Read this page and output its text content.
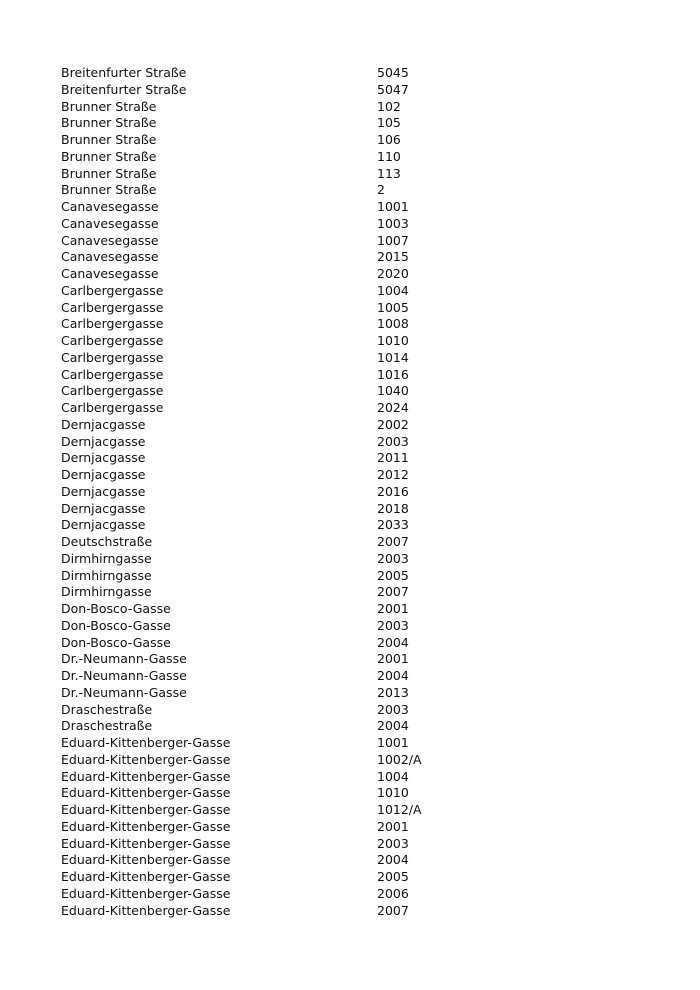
Breitenfurter Straße	5045
Breitenfurter Straße	5047
Brunner Straße	102
Brunner Straße	105
Brunner Straße	106
Brunner Straße	110
Brunner Straße	113
Brunner Straße	2
Canavesegasse	1001
Canavesegasse	1003
Canavesegasse	1007
Canavesegasse	2015
Canavesegasse	2020
Carlbergergasse	1004
Carlbergergasse	1005
Carlbergergasse	1008
Carlbergergasse	1010
Carlbergergasse	1014
Carlbergergasse	1016
Carlbergergasse	1040
Carlbergergasse	2024
Dernjacgasse	2002
Dernjacgasse	2003
Dernjacgasse	2011
Dernjacgasse	2012
Dernjacgasse	2016
Dernjacgasse	2018
Dernjacgasse	2033
Deutschstraße	2007
Dirmhirngasse	2003
Dirmhirngasse	2005
Dirmhirngasse	2007
Don-Bosco-Gasse	2001
Don-Bosco-Gasse	2003
Don-Bosco-Gasse	2004
Dr.-Neumann-Gasse	2001
Dr.-Neumann-Gasse	2004
Dr.-Neumann-Gasse	2013
Draschestraße	2003
Draschestraße	2004
Eduard-Kittenberger-Gasse	1001
Eduard-Kittenberger-Gasse	1002/A
Eduard-Kittenberger-Gasse	1004
Eduard-Kittenberger-Gasse	1010
Eduard-Kittenberger-Gasse	1012/A
Eduard-Kittenberger-Gasse	2001
Eduard-Kittenberger-Gasse	2003
Eduard-Kittenberger-Gasse	2004
Eduard-Kittenberger-Gasse	2005
Eduard-Kittenberger-Gasse	2006
Eduard-Kittenberger-Gasse	2007
